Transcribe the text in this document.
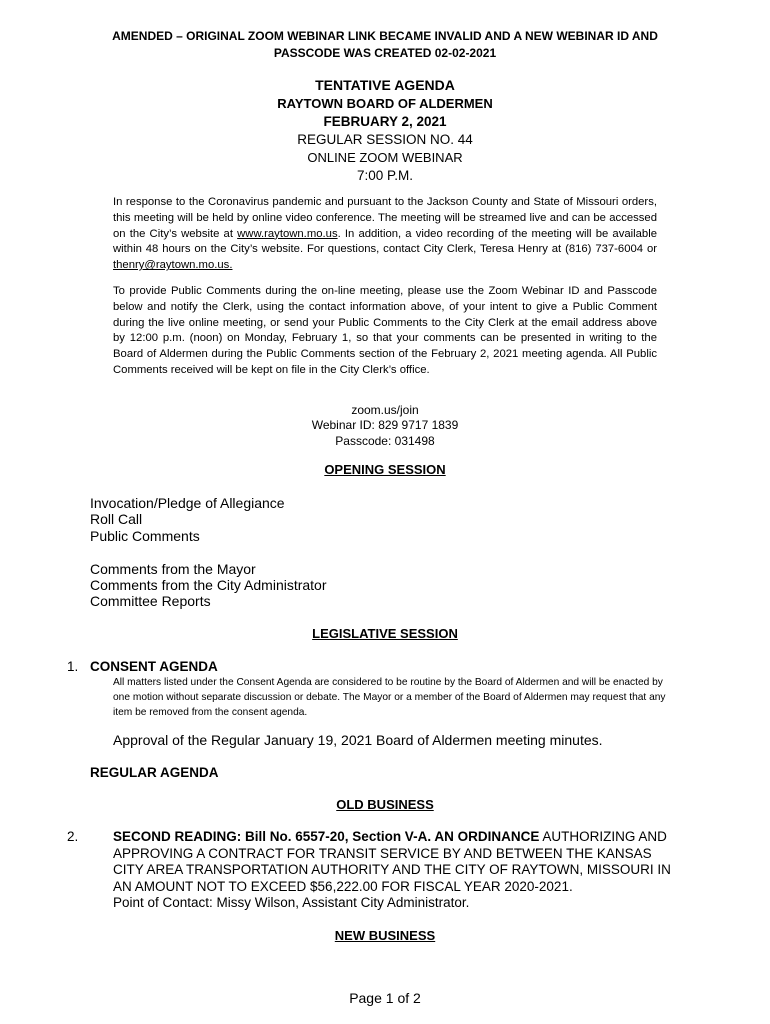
AMENDED – ORIGINAL ZOOM WEBINAR LINK BECAME INVALID AND A NEW WEBINAR ID AND PASSCODE WAS CREATED 02-02-2021
TENTATIVE AGENDA
RAYTOWN BOARD OF ALDERMEN
FEBRUARY 2, 2021
REGULAR SESSION NO. 44
ONLINE ZOOM WEBINAR
7:00 P.M.
In response to the Coronavirus pandemic and pursuant to the Jackson County and State of Missouri orders, this meeting will be held by online video conference. The meeting will be streamed live and can be accessed on the City’s website at www.raytown.mo.us. In addition, a video recording of the meeting will be available within 48 hours on the City’s website. For questions, contact City Clerk, Teresa Henry at (816) 737-6004 or thenry@raytown.mo.us.
To provide Public Comments during the on-line meeting, please use the Zoom Webinar ID and Passcode below and notify the Clerk, using the contact information above, of your intent to give a Public Comment during the live online meeting, or send your Public Comments to the City Clerk at the email address above by 12:00 p.m. (noon) on Monday, February 1, so that your comments can be presented in writing to the Board of Aldermen during the Public Comments section of the February 2, 2021 meeting agenda. All Public Comments received will be kept on file in the City Clerk’s office.
zoom.us/join
Webinar ID: 829 9717 1839
Passcode: 031498
OPENING SESSION
Invocation/Pledge of Allegiance
Roll Call
Public Comments
Comments from the Mayor
Comments from the City Administrator
Committee Reports
LEGISLATIVE SESSION
1. CONSENT AGENDA
All matters listed under the Consent Agenda are considered to be routine by the Board of Aldermen and will be enacted by one motion without separate discussion or debate. The Mayor or a member of the Board of Aldermen may request that any item be removed from the consent agenda.
Approval of the Regular January 19, 2021 Board of Aldermen meeting minutes.
REGULAR AGENDA
OLD BUSINESS
2.	SECOND READING: Bill No. 6557-20, Section V-A. AN ORDINANCE AUTHORIZING AND APPROVING A CONTRACT FOR TRANSIT SERVICE BY AND BETWEEN THE KANSAS CITY AREA TRANSPORTATION AUTHORITY AND THE CITY OF RAYTOWN, MISSOURI IN AN AMOUNT NOT TO EXCEED $56,222.00 FOR FISCAL YEAR 2020-2021.
Point of Contact: Missy Wilson, Assistant City Administrator.
NEW BUSINESS
Page 1 of 2
